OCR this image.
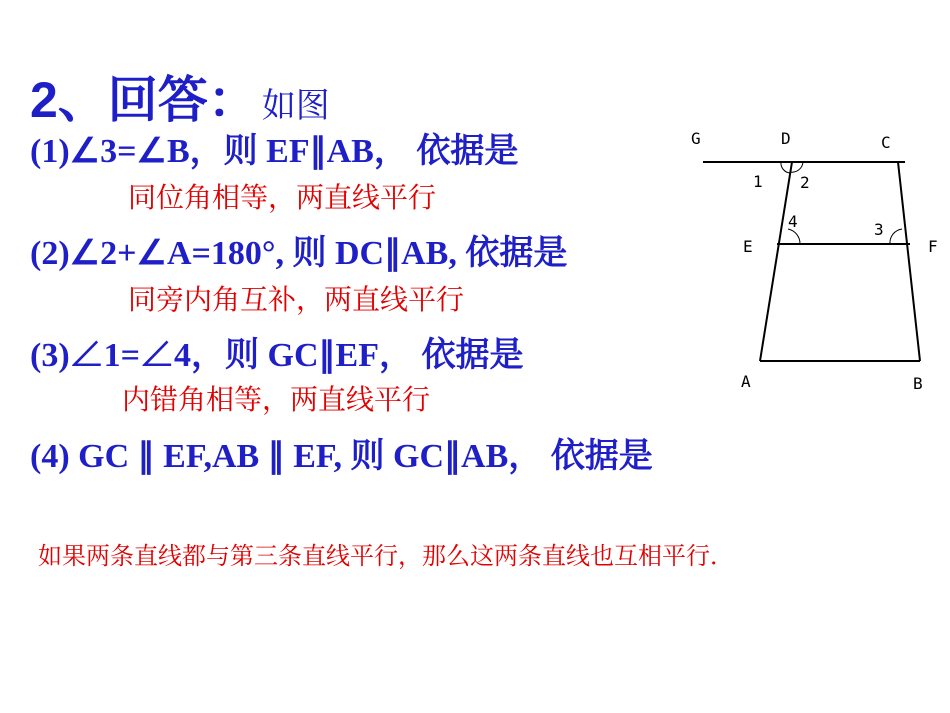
2、回答： 如图
(1)∠3=∠B，则 EF∥AB， 依据是
同位角相等，两直线平行
(2)∠2+∠A=180°, 则 DC∥AB, 依据是
同旁内角互补，两直线平行
(3)∠1=∠4，则 GC∥EF， 依据是
内错角相等，两直线平行
(4) GC ∥ EF,AB ∥ EF, 则 GC∥AB， 依据是
如果两条直线都与第三条直线平行，那么这两条直线也互相平行．
G	D	C
E	F
A	B
1 2
4	3
